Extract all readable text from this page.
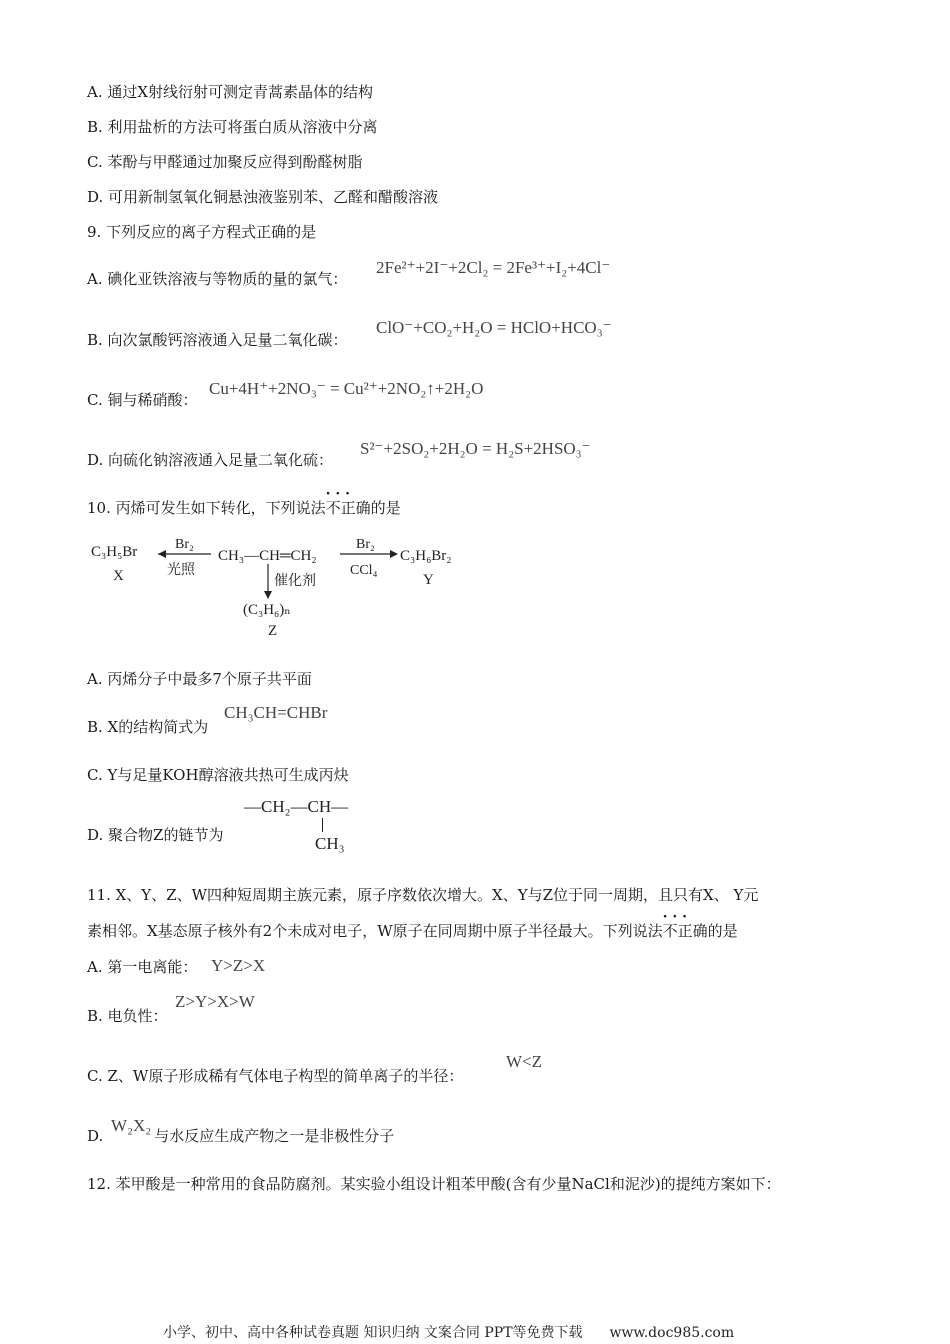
A. 通过X射线衍射可测定青蒿素晶体的结构
B. 利用盐析的方法可将蛋白质从溶液中分离
C. 苯酚与甲醛通过加聚反应得到酚醛树脂
D. 可用新制氢氧化铜悬浊液鉴别苯、乙醛和醋酸溶液
9. 下列反应的离子方程式正确的是
A. 碘化亚铁溶液与等物质的量的氯气：
2Fe²⁺+2I⁻+2Cl₂ = 2Fe³⁺+I₂+4Cl⁻
B. 向次氯酸钙溶液通入足量二氧化碳：
ClO⁻+CO₂+H₂O = HClO+HCO₃⁻
C. 铜与稀硝酸：
Cu+4H⁺+2NO₃⁻ = Cu²⁺+2NO₂↑+2H₂O
D. 向硫化钠溶液通入足量二氧化硫：
S²⁻+2SO₂+2H₂O = H₂S+2HSO₃⁻
10. 丙烯可发生如下转化，下列说法· · · 不正确的是
C₃H₅Br
X
Br₂
光照
CH₃—CH═CH₂
Br₂
CCl₄
C₃H₆Br₂
Y
催化剂
(C₃H₆)ₙ
Z
A. 丙烯分子中最多7个原子共平面
B. X的结构简式为
CH₃CH=CHBr
C. Y与足量KOH醇溶液共热可生成丙炔
D. 聚合物Z的链节为
—CH₂—CH—
CH₃
11. X、Y、Z、W四种短周期主族元素，原子序数依次增大。X、Y与Z位于同一周期，且只有X、 Y元
素相邻。X基态原子核外有2个未成对电子，W原子在同周期中原子半径最大。下列说法· · · 不正确的是
A. 第一电离能： Y>Z>X
B. 电负性：
Z>Y>X>W
C. Z、W原子形成稀有气体电子构型的简单离子的半径：
W<Z
D. W₂X₂与水反应生成产物之一是非极性分子
12. 苯甲酸是一种常用的食品防腐剂。某实验小组设计粗苯甲酸(含有少量NaCl和泥沙)的提纯方案如下：
小学、初中、高中各种试卷真题 知识归纳 文案合同 PPT等免费下载 www.doc985.com
